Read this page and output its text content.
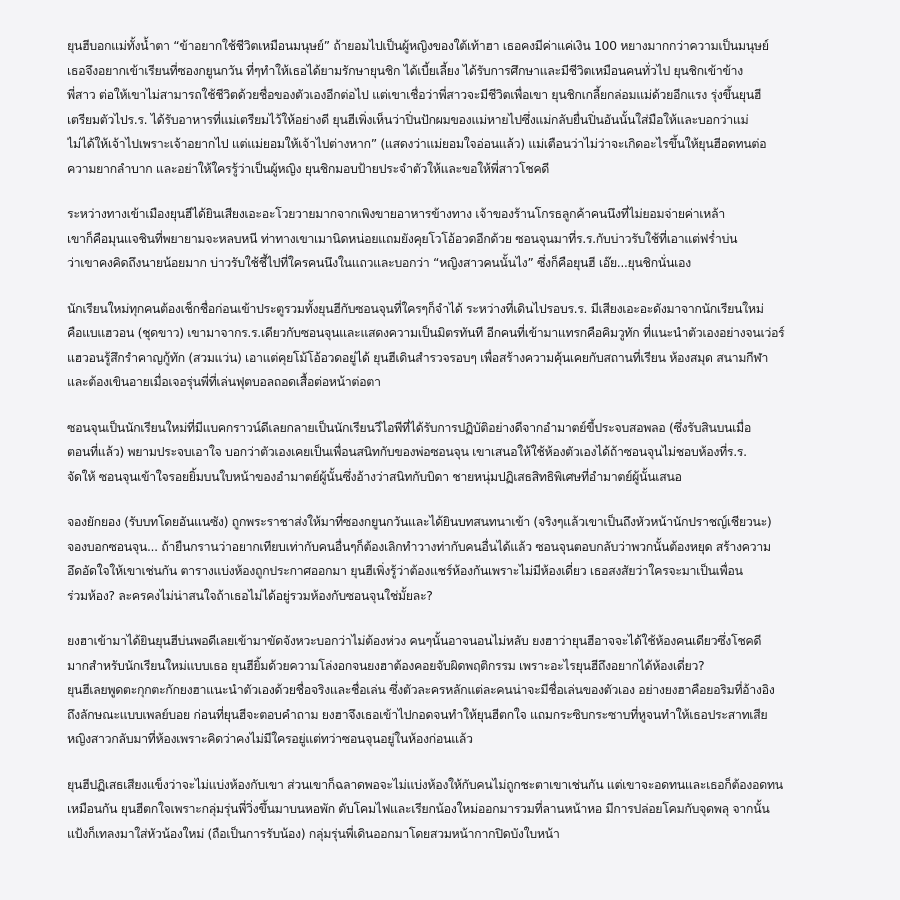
ยุนฮีบอกแม่ทั้งน้ำตา “ข้าอยากใช้ชีวิตเหมือนมนุษย์” ถ้ายอมไปเป็นผู้หญิงของใต้เท้าฮา เธอคงมีค่าแค่เงิน 100 หยางมากกว่าความเป็นมนุษย์
เธอจึงอยากเข้าเรียนที่ซองกยูนกวัน ที่ๆทำให้เธอได้ยามรักษายุนชิก ได้เบี้ยเลี้ยง ได้รับการศึกษาและมีชีวิตเหมือนคนทั่วไป ยุนชิกเข้าข้าง
พี่สาว ต่อให้เขาไม่สามารถใช้ชีวิตด้วยชื่อของตัวเองอีกต่อไป แต่เขาเชื่อว่าพี่สาวจะมีชีวิตเพื่อเขา ยุนชิกเกลี้ยกล่อมแม่ด้วยอีกแรง รุ่งขึ้นยุนฮี
เตรียมตัวไปร.ร. ได้รับอาหารที่แม่เตรียมไว้ให้อย่างดี ยุนฮีเพิ่งเห็นว่าปิ่นปักผมของแม่หายไปซึ่งแม่กลับยื่นปิ่นอันนั้นใส่มือให้และบอกว่าแม่
ไม่ได้ให้เจ้าไปเพราะเจ้าอยากไป แต่แม่ยอมให้เจ้าไปต่างหาก” (แสดงว่าแม่ยอมใจอ่อนแล้ว) แม่เตือนว่าไม่ว่าจะเกิดอะไรขึ้นให้ยุนฮีอดทนต่อ
ความยากลำบาก และอย่าให้ใครรู้ว่าเป็นผู้หญิง ยุนชิกมอบป้ายประจำตัวให้และขอให้พี่สาวโชคดี
ระหว่างทางเข้าเมืองยุนฮีได้ยินเสียงเอะอะโวยวายมากจากเพิงขายอาหารข้างทาง เจ้าของร้านโกรธลูกค้าคนนึงที่ไม่ยอมจ่ายค่าเหล้า
เขาก็คือมุนแจชินที่พยายามจะหลบหนี ท่าทางเขาเมานิดหน่อยแถมยังคุยโวโอ้อวดอีกด้วย ซอนจุนมาที่ร.ร.กับบ่าวรับใช้ที่เอาแต่ฟร่ำบ่น
ว่าเขาคงคิดถึงนายน้อยมาก บ่าวรับใช้ชี้ไปที่ใครคนนึงในแถวและบอกว่า “หญิงสาวคนนั้นไง” ซึ่งก็คือยุนฮี เอ๊ย...ยุนชิกนั่นเอง
นักเรียนใหม่ทุกคนต้องเช็กชื่อก่อนเข้าประตูรวมทั้งยุนฮีกับซอนจุนที่ใครๆก็จำได้ ระหว่างที่เดินไปรอบร.ร. มีเสียงเอะอะดังมาจากนักเรียนใหม่
คือแบแฮวอน (ชุดขาว) เขามาจากร.ร.เดียวกับซอนจุนและแสดงความเป็นมิตรทันที อีกคนที่เข้ามาแทรกคือคิมวูทัก ที่แนะนำตัวเองอย่างจนเว่อร์
แฮวอนรู้สึกรำคาญกู้ทัก (สวมแว่น) เอาแต่คุยโม้โอ้อวดอยู่ได้ ยุนฮีเดินสำรวจรอบๆ เพื่อสร้างความคุ้นเคยกับสถานที่เรียน ห้องสมุด สนามกีฬา
และต้องเขินอายเมื่อเจอรุ่นพี่ที่เล่นฟุตบอลถอดเสื้อต่อหน้าต่อตา
ซอนจุนเป็นนักเรียนใหม่ที่มีแบคกราวน์ดีเลยกลายเป็นนักเรียนวีไอพีที่ได้รับการปฏิบัติอย่างดีจากอำมาตย์ขี้ประจบสอพลอ (ซึ่งรับสินบนเมื่อ
ตอนที่แล้ว) พยามประจบเอาใจ บอกว่าตัวเองเคยเป็นเพื่อนสนิทกับของพ่อซอนจุน เขาเสนอให้ใช้ห้องตัวเองได้ถ้าซอนจุนไม่ชอบห้องที่ร.ร.
จัดให้ ซอนจุนเข้าใจรอยยิ้มบนใบหน้าของอำมาตย์ผู้นั้นซึ่งอ้างว่าสนิทกับบิดา ชายหนุ่มปฏิเสธสิทธิพิเศษที่อำมาตย์ผู้นั้นเสนอ
จองยักยอง (รับบทโดยอันแนซัง) ถูกพระราชาส่งให้มาที่ซองกยูนกวันและได้ยินบทสนทนาเข้า (จริงๆแล้วเขาเป็นถึงหัวหน้านักปราชญ์เชียวนะ)
จองบอกซอนจุน... ถ้ายืนกรานว่าอยากเทียบเท่ากับคนอื่นๆก็ต้องเลิกทำวางท่ากับคนอื่นได้แล้ว ซอนจุนตอบกลับว่าพวกนั้นต้องหยุด สร้างความ
อึดอัดใจให้เขาเช่นกัน ตารางแบ่งห้องถูกประกาศออกมา ยุนฮีเพิ่งรู้ว่าต้องแชร์ห้องกันเพราะไม่มีห้องเดี่ยว เธอสงสัยว่าใครจะมาเป็นเพื่อน
ร่วมห้อง? ละครคงไม่น่าสนใจถ้าเธอไม่ได้อยู่รวมห้องกับซอนจุนใช่มั้ยละ?
ยงฮาเข้ามาได้ยินยุนฮีบ่นพอดีเลยเข้ามาขัดจังหวะบอกว่าไม่ต้องห่วง คนๆนั้นอาจนอนไม่หลับ ยงฮาว่ายุนฮีอาจจะได้ใช้ห้องคนเดียวซึ่งโชคดี
มากสำหรับนักเรียนใหม่แบบเธอ ยุนฮียิ้มด้วยความโล่งอกจนยงฮาต้องคอยจับผิดพฤติกรรม เพราะอะไรยุนฮีถึงอยากได้ห้องเดี่ยว?
ยุนฮีเลยพูดตะกุกตะกักยงฮาแนะนำตัวเองด้วยชื่อจริงและชื่อเล่น ซึ่งตัวละครหลักแต่ละคนน่าจะมีชื่อเล่นของตัวเอง อย่างยงฮาคือยอริมที่อ้างอิง
ถึงลักษณะแบบเพลย์บอย ก่อนที่ยุนฮีจะตอบคำถาม ยงฮาจึงเธอเข้าไปกอดจนทำให้ยุนฮีตกใจ แถมกระซิบกระซาบที่หูจนทำให้เธอประสาทเสีย
หญิงสาวกลับมาที่ห้องเพราะคิดว่าคงไม่มีใครอยู่แต่ทว่าซอนจุนอยู่ในห้องก่อนแล้ว
ยุนฮีปฏิเสธเสียงแข็งว่าจะไม่แบ่งห้องกับเขา ส่วนเขาก็ฉลาดพอจะไม่แบ่งห้องให้กับคนไม่ถูกชะตาเขาเช่นกัน แต่เขาจะอดทนและเธอก็ต้องอดทน
เหมือนกัน ยุนฮีตกใจเพราะกลุ่มรุ่นพี่วิ่งขึ้นมาบนหอพัก ดับโคมไฟและเรียกน้องใหม่ออกมารวมที่ลานหน้าหอ มีการปล่อยโคมกับจุดพลุ จากนั้น
แป้งก็เทลงมาใส่หัวน้องใหม่ (ถือเป็นการรับน้อง) กลุ่มรุ่นพี่เดินออกมาโดยสวมหน้ากากปิดบังใบหน้า
